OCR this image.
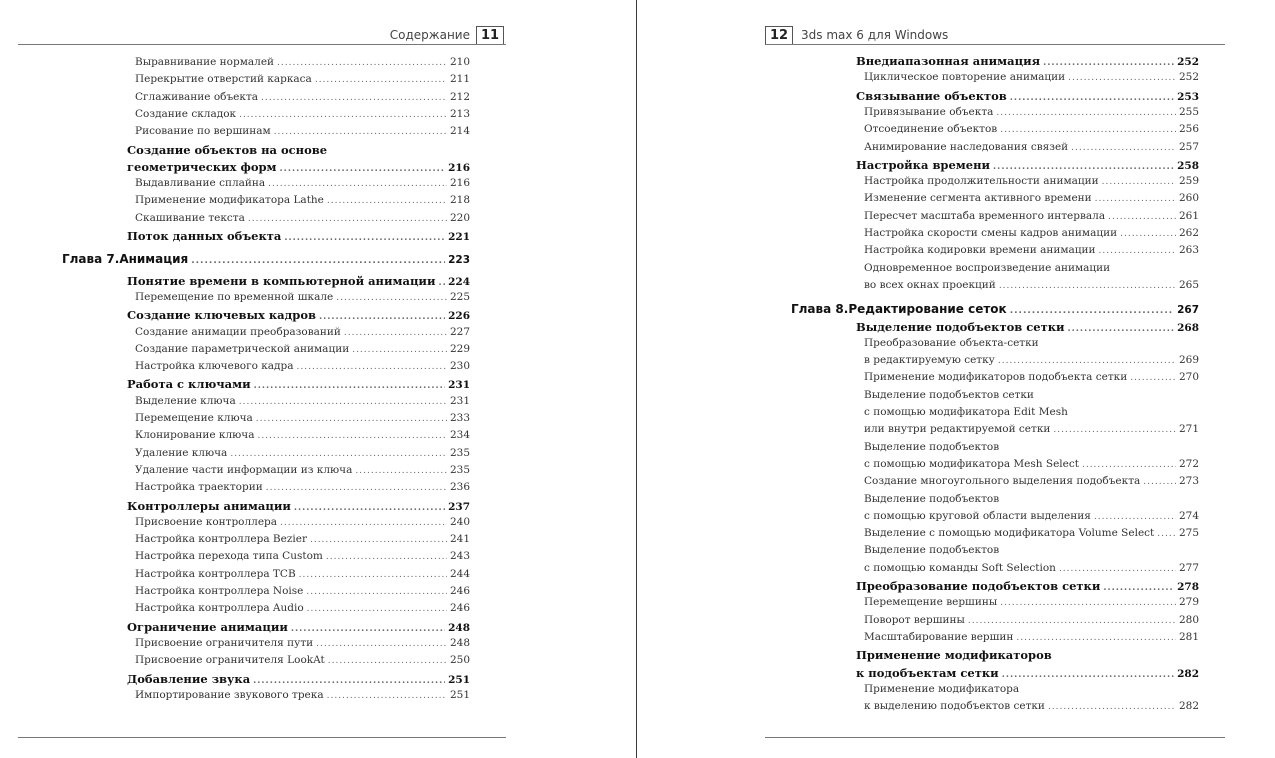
Содержание 11
Выравнивание нормалей .....	210
Перекрытие отверстий каркаса .....	211
Сглаживание объекта .....	212
Создание складок .....	213
Рисование по вершинам .....	214
Создание объектов на основе
геометрических форм .....	216
Выдавливание сплайна .....	216
Применение модификатора Lathe .....	218
Скашивание текста .....	220
Поток данных объекта .....	221
Глава 7. Анимация .....	223
Понятие времени в компьютерной анимации ..... 224
Перемещение по временной шкале .....	225
Создание ключевых кадров .....	226
Создание анимации преобразований .....	227
Создание параметрической анимации .....	229
Настройка ключевого кадра .....	230
Работа с ключами .....	231
Выделение ключа .....	231
Перемещение ключа .....	233
Клонирование ключа .....	234
Удаление ключа .....	235
Удаление части информации из ключа .....	235
Настройка траектории .....	236
Контроллеры анимации .....	237
Присвоение контроллера .....	240
Настройка контроллера Bezier .....	241
Настройка перехода типа Custom .....	243
Настройка контроллера TCB .....	244
Настройка контроллера Noise .....	246
Настройка контроллера Audio .....	246
Ограничение анимации .....	248
Присвоение ограничителя пути .....	248
Присвоение ограничителя LookAt .....	250
Добавление звука .....	251
Импортирование звукового трека .....	251
12	3ds max 6 для Windows
Внедиапазонная анимация .....	252
Циклическое повторение анимации .....	252
Связывание объектов .....	253
Привязывание объекта .....	255
Отсоединение объектов .....	256
Анимирование наследования связей .....	257
Настройка времени .....	258
Настройка продолжительности анимации .....	259
Изменение сегмента активного времени .....	260
Пересчет масштаба временного интервала .....	261
Настройка скорости смены кадров анимации .....	262
Настройка кодировки времени анимации .....	263
Одновременное воспроизведение анимации
во всех окнах проекций .....	265
Глава 8. Редактирование сеток .....	267
Выделение подобъектов сетки .....	268
Преобразование объекта-сетки
в редактируемую сетку .....	269
Применение модификаторов подобъекта сетки .....	270
Выделение подобъектов сетки
с помощью модификатора Edit Mesh
или внутри редактируемой сетки .....	271
Выделение подобъектов
с помощью модификатора Mesh Select .....	272
Создание многоугольного выделения подобъекта .....	273
Выделение подобъектов
с помощью круговой области выделения .....	274
Выделение с помощью модификатора Volume Select ..... 275
Выделение подобъектов
с помощью команды Soft Selection .....	277
Преобразование подобъектов сетки .....	278
Перемещение вершины .....	279
Поворот вершины .....	280
Масштабирование вершин .....	281
Применение модификаторов
к подобъектам сетки .....	282
Применение модификатора
к выделению подобъектов сетки .....	282
